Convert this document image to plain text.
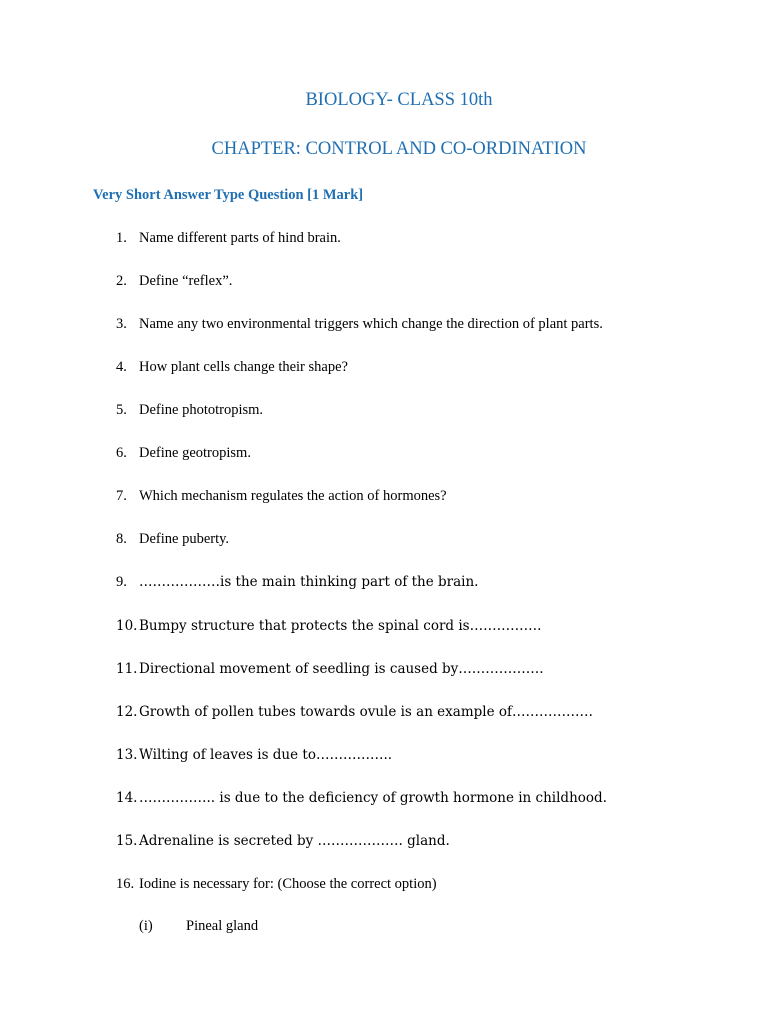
BIOLOGY- CLASS 10th
CHAPTER: CONTROL AND CO-ORDINATION
Very Short Answer Type Question [1 Mark]
1. Name different parts of hind brain.
2. Define “reflex”.
3. Name any two environmental triggers which change the direction of plant parts.
4. How plant cells change their shape?
5. Define phototropism.
6. Define geotropism.
7. Which mechanism regulates the action of hormones?
8. Define puberty.
9. ………………is the main thinking part of the brain.
10. Bumpy structure that protects the spinal cord is…………….
11. Directional movement of seedling is caused by……………….
12. Growth of pollen tubes towards ovule is an example of………………
13. Wilting of leaves is due to……………..
14. …………….. is due to the deficiency of growth hormone in childhood.
15. Adrenaline is secreted by ………………. gland.
16. Iodine is necessary for: (Choose the correct option)
(i) Pineal gland
